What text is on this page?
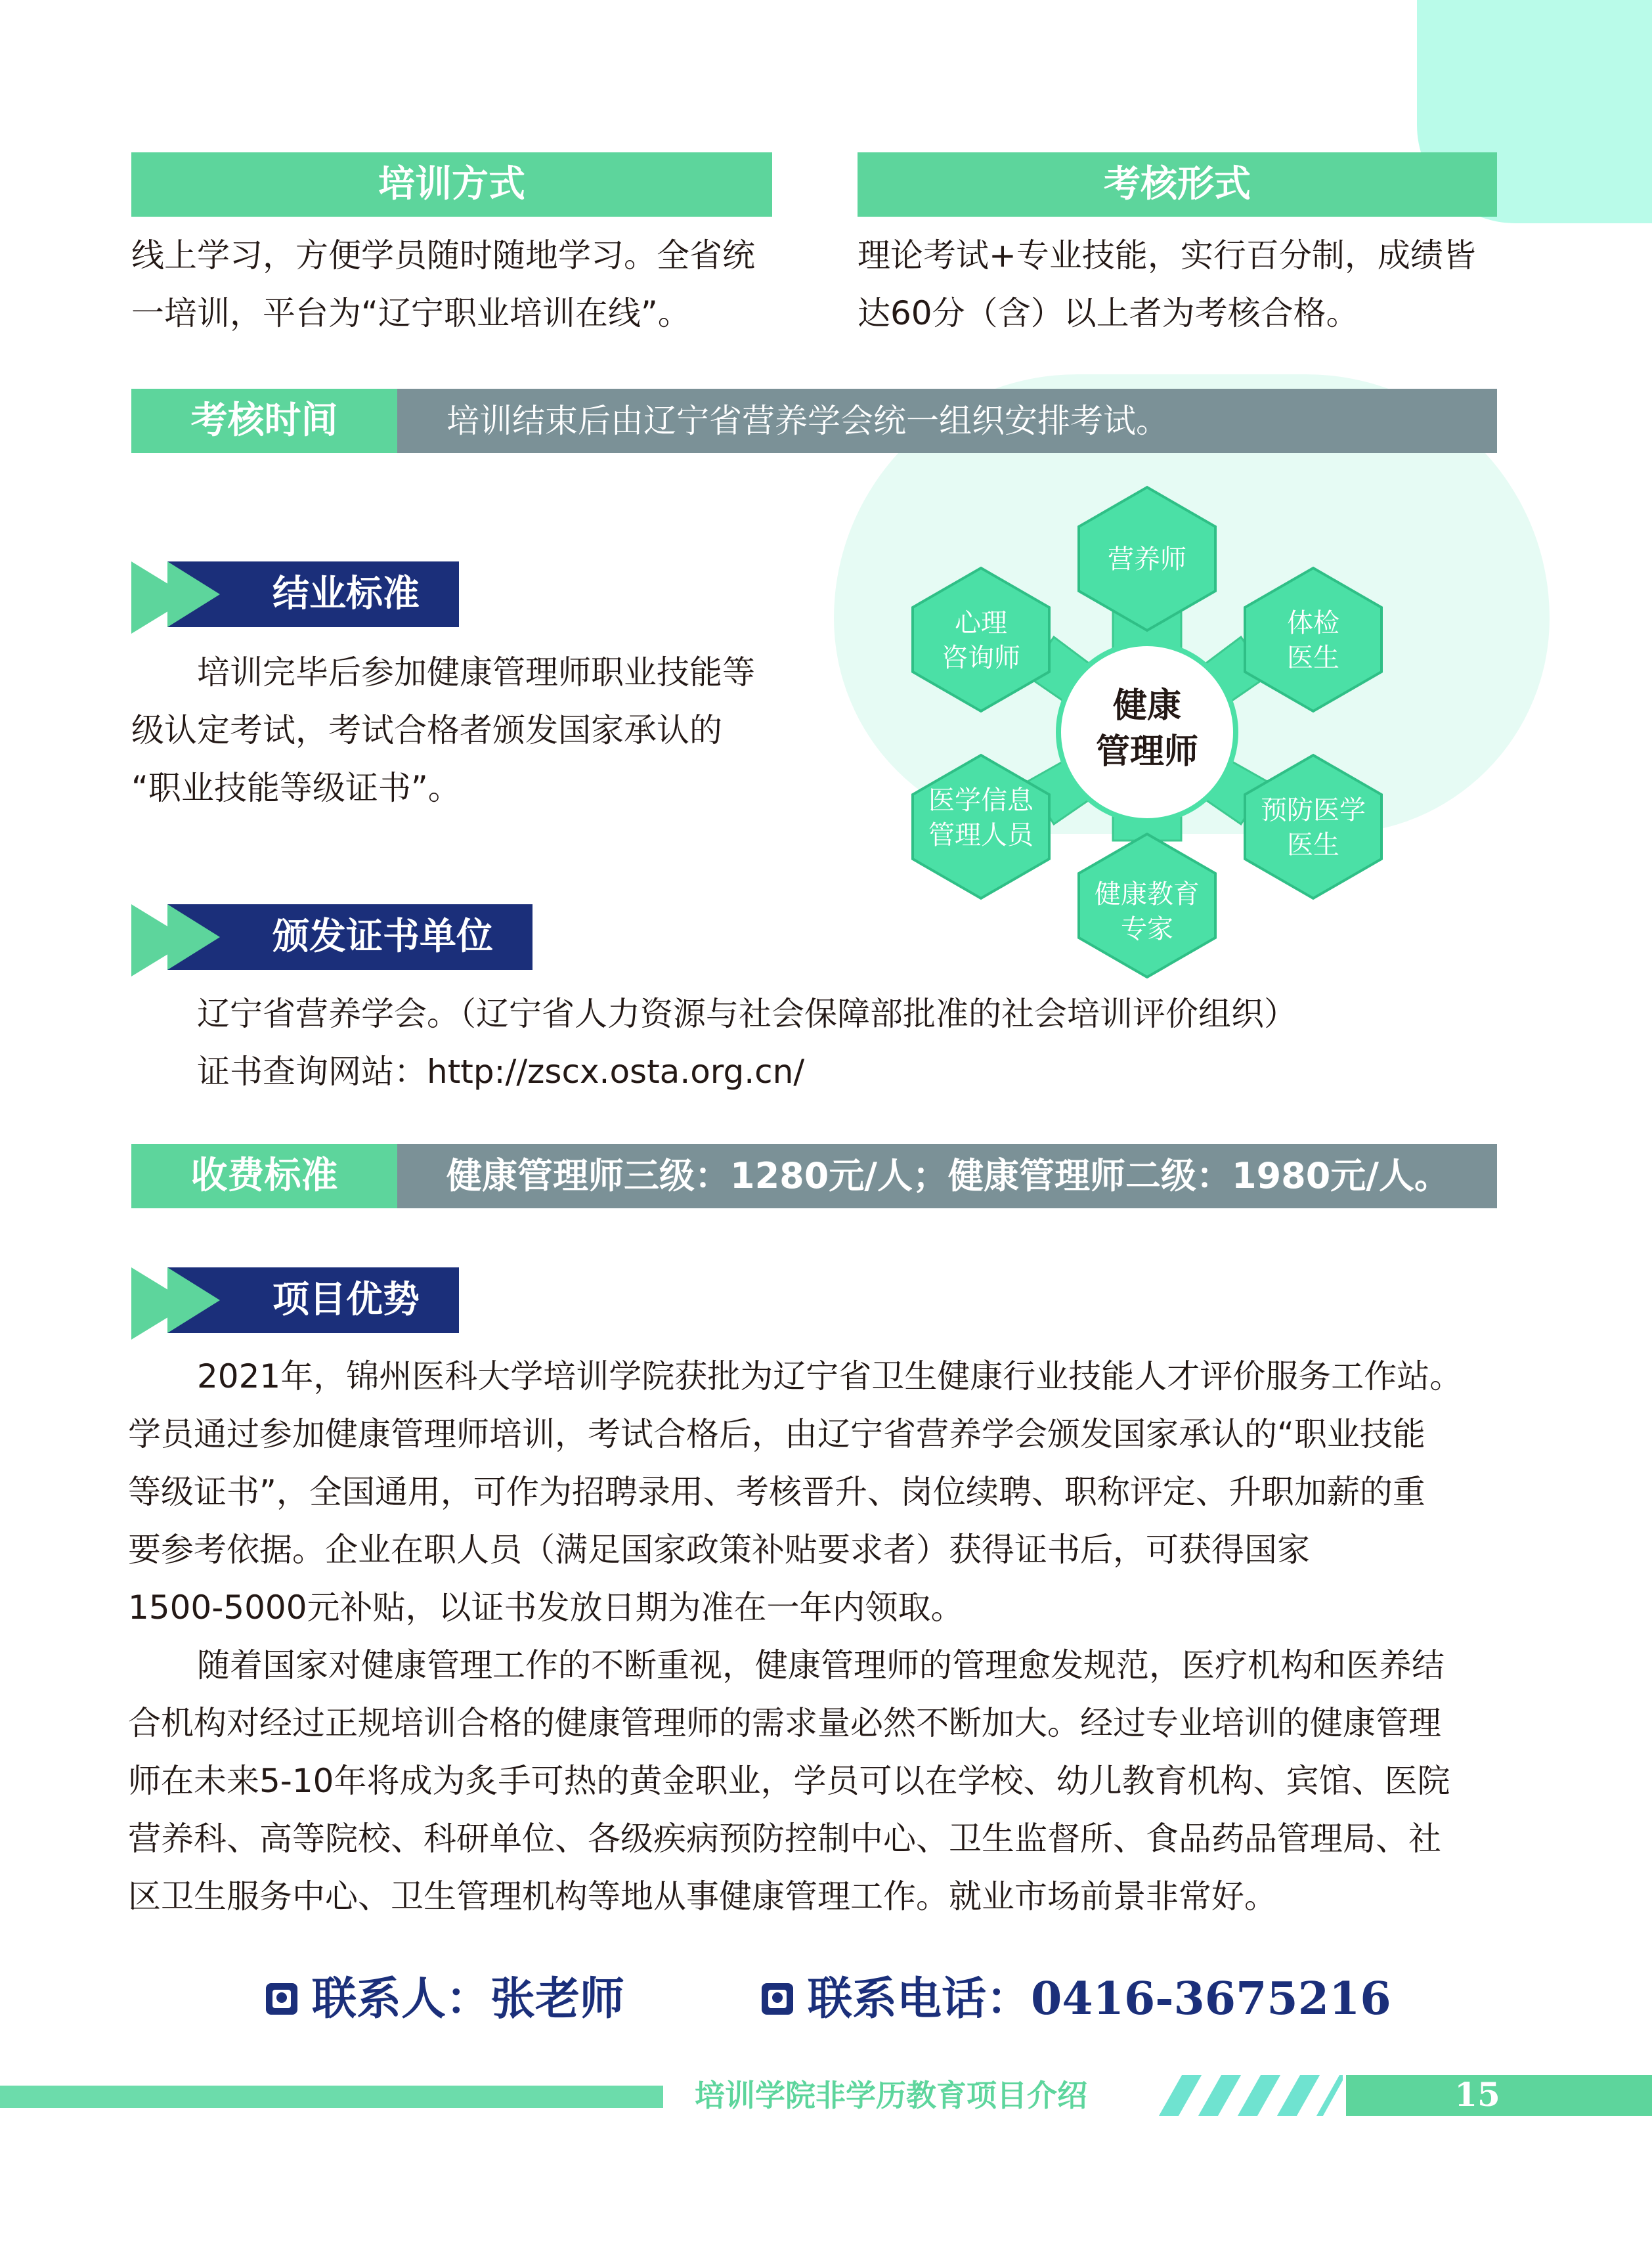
培训方式
线上学习，方便学员随时随地学习。全省统
一培训，平台为“辽宁职业培训在线”。
考核形式
理论考试+专业技能，实行百分制，成绩皆
达60分（含）以上者为考核合格。
考核时间	培训结束后由辽宁省营养学会统一组织安排考试。
结业标准
培训完毕后参加健康管理师职业技能等
级认定考试，考试合格者颁发国家承认的
“职业技能等级证书”。
健康
管理师
营养师
体检
医生
预防医学
医生
健康教育
专家
医学信息
管理人员
心理
咨询师
颁发证书单位
辽宁省营养学会。（辽宁省人力资源与社会保障部批准的社会培训评价组织）
证书查询网站：http://zscx.osta.org.cn/
收费标准	健康管理师三级：1280元/人；健康管理师二级：1980元/人。
项目优势
2021年，锦州医科大学培训学院获批为辽宁省卫生健康行业技能人才评价服务工作站。
学员通过参加健康管理师培训，考试合格后，由辽宁省营养学会颁发国家承认的“职业技能
等级证书”，全国通用，可作为招聘录用、考核晋升、岗位续聘、职称评定、升职加薪的重
要参考依据。企业在职人员（满足国家政策补贴要求者）获得证书后，可获得国家
1500-5000元补贴，以证书发放日期为准在一年内领取。
随着国家对健康管理工作的不断重视，健康管理师的管理愈发规范，医疗机构和医养结
合机构对经过正规培训合格的健康管理师的需求量必然不断加大。经过专业培训的健康管理
师在未来5-10年将成为炙手可热的黄金职业，学员可以在学校、幼儿教育机构、宾馆、医院
营养科、高等院校、科研单位、各级疾病预防控制中心、卫生监督所、食品药品管理局、社
区卫生服务中心、卫生管理机构等地从事健康管理工作。就业市场前景非常好。
联系人：张老师	联系电话：0416-3675216
培训学院非学历教育项目介绍	15
